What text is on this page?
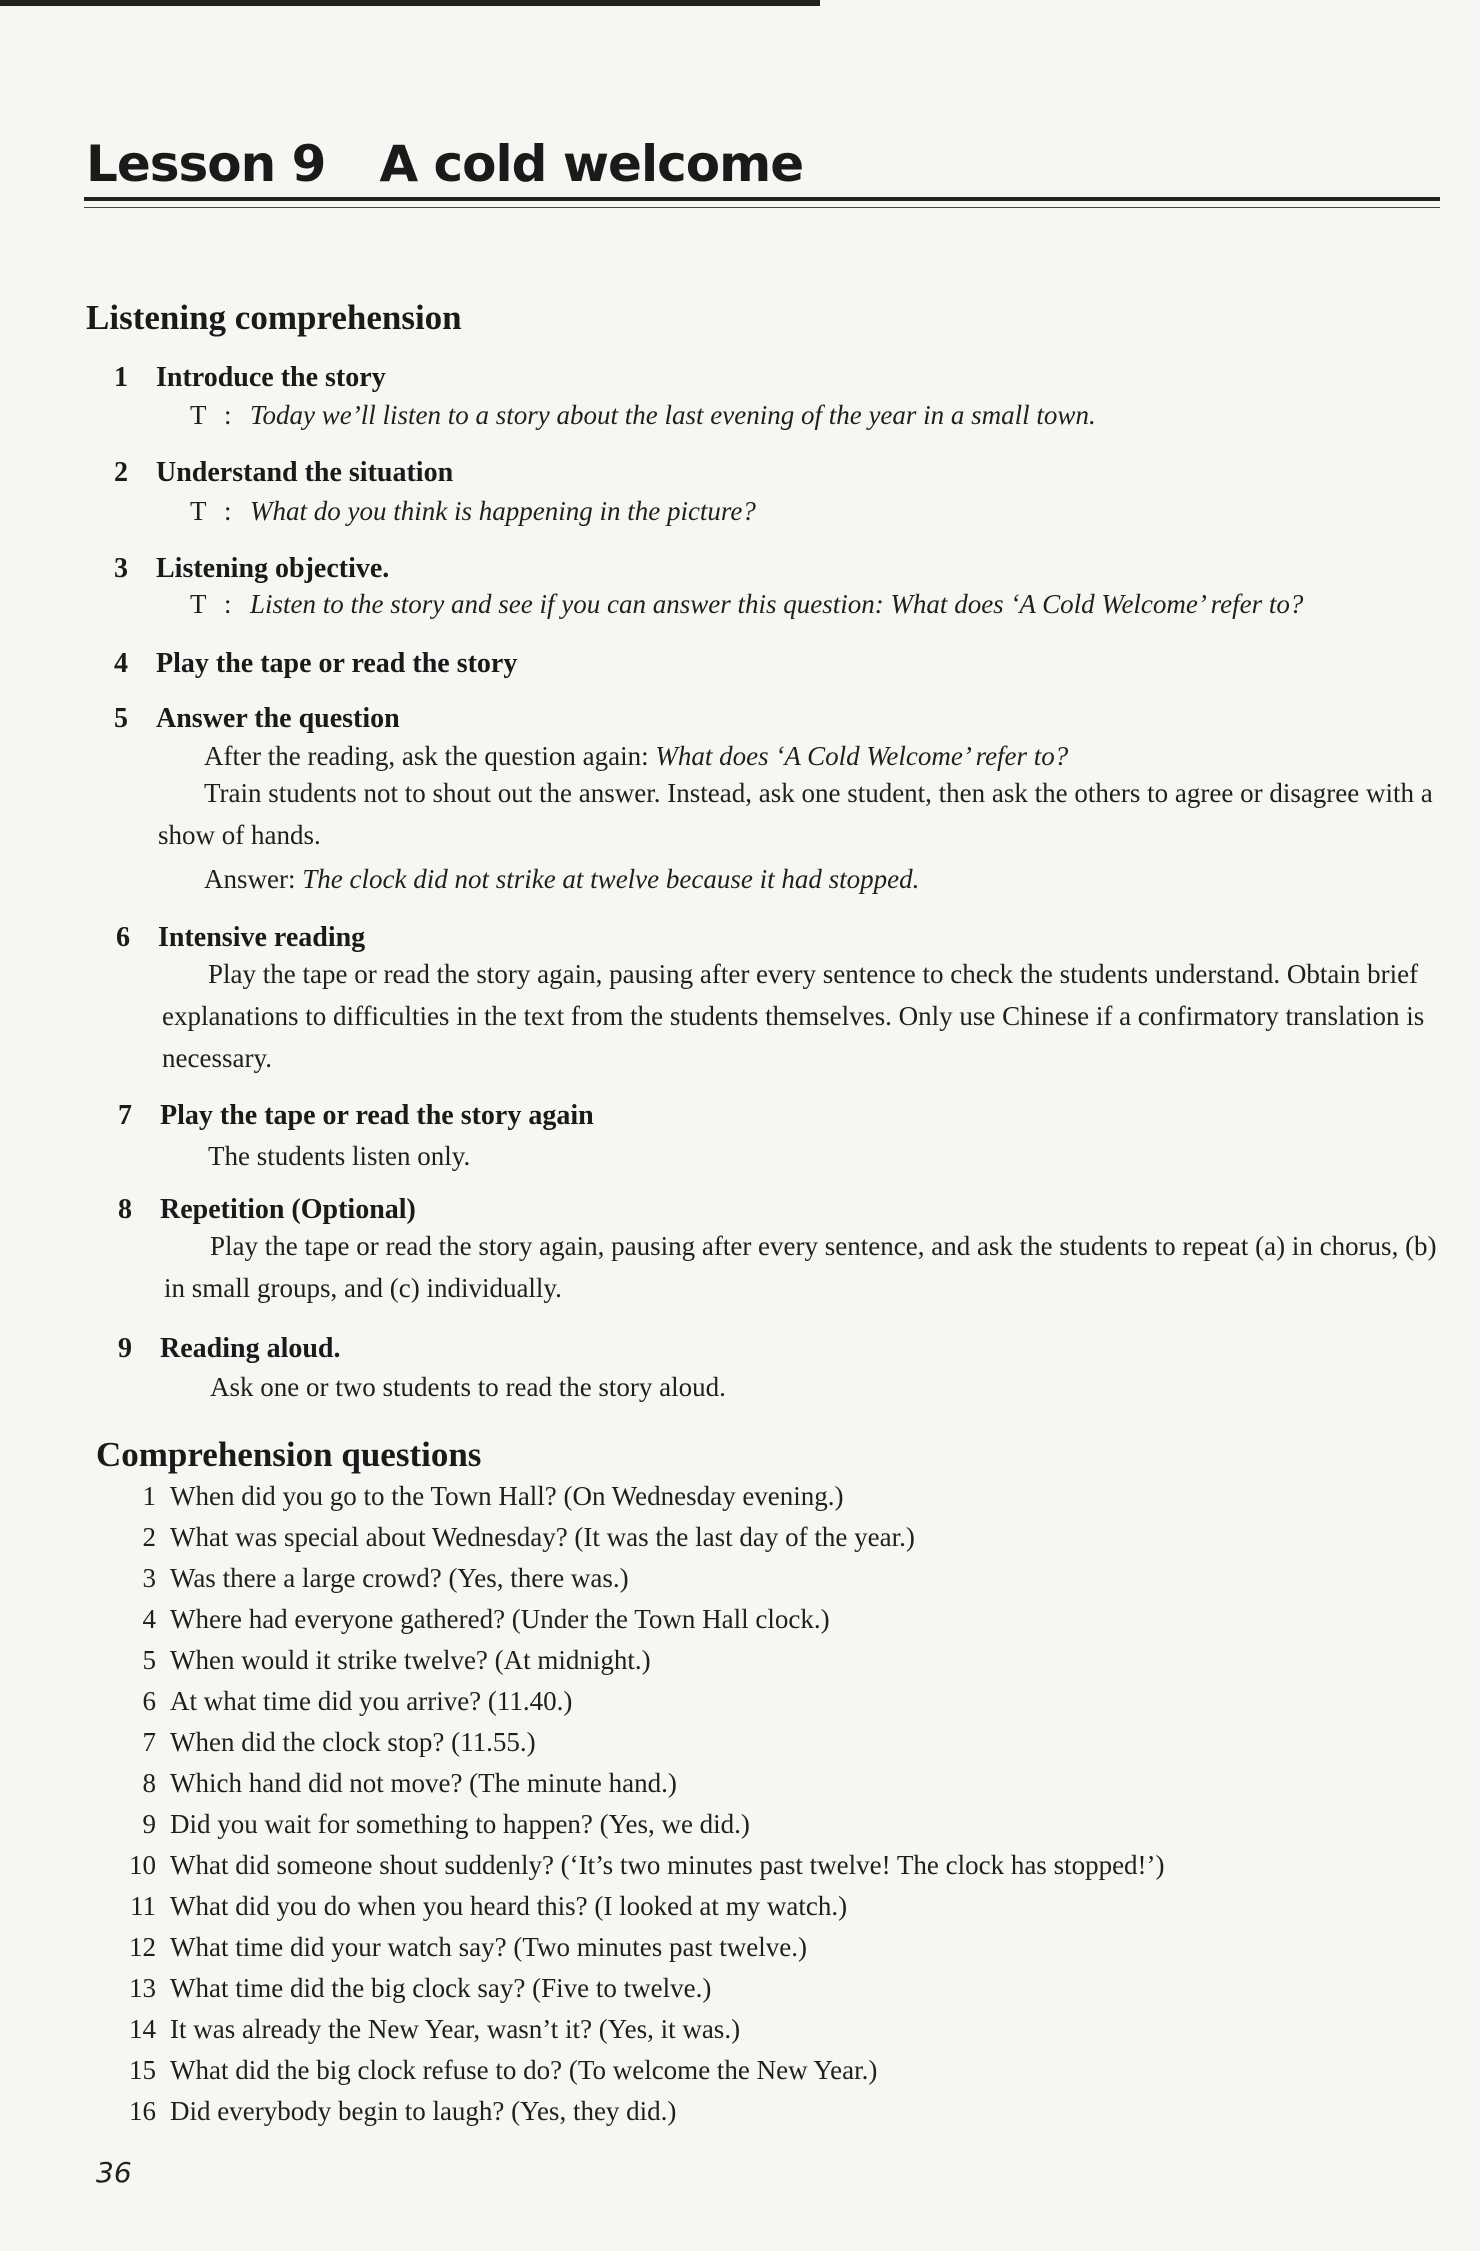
Lesson 9 A cold welcome
Listening comprehension
1 Introduce the story
T : Today we’ll listen to a story about the last evening of the year in a small town.
2 Understand the situation
T : What do you think is happening in the picture?
3 Listening objective.
T : Listen to the story and see if you can answer this question: What does ‘A Cold Welcome’ refer to?
4 Play the tape or read the story
5 Answer the question
After the reading, ask the question again: What does ‘A Cold Welcome’ refer to?
Train students not to shout out the answer. Instead, ask one student, then ask the others to agree or disagree with a show of hands.
Answer: The clock did not strike at twelve because it had stopped.
6 Intensive reading
Play the tape or read the story again, pausing after every sentence to check the students understand. Obtain brief explanations to difficulties in the text from the students themselves. Only use Chinese if a confirmatory translation is necessary.
7 Play the tape or read the story again
The students listen only.
8 Repetition (Optional)
Play the tape or read the story again, pausing after every sentence, and ask the students to repeat (a) in chorus, (b) in small groups, and (c) individually.
9 Reading aloud.
Ask one or two students to read the story aloud.
Comprehension questions
1 When did you go to the Town Hall? (On Wednesday evening.)
2 What was special about Wednesday? (It was the last day of the year.)
3 Was there a large crowd? (Yes, there was.)
4 Where had everyone gathered? (Under the Town Hall clock.)
5 When would it strike twelve? (At midnight.)
6 At what time did you arrive? (11.40.)
7 When did the clock stop? (11.55.)
8 Which hand did not move? (The minute hand.)
9 Did you wait for something to happen? (Yes, we did.)
10 What did someone shout suddenly? (‘It’s two minutes past twelve! The clock has stopped!’)
11 What did you do when you heard this? (I looked at my watch.)
12 What time did your watch say? (Two minutes past twelve.)
13 What time did the big clock say? (Five to twelve.)
14 It was already the New Year, wasn’t it? (Yes, it was.)
15 What did the big clock refuse to do? (To welcome the New Year.)
16 Did everybody begin to laugh? (Yes, they did.)
36
